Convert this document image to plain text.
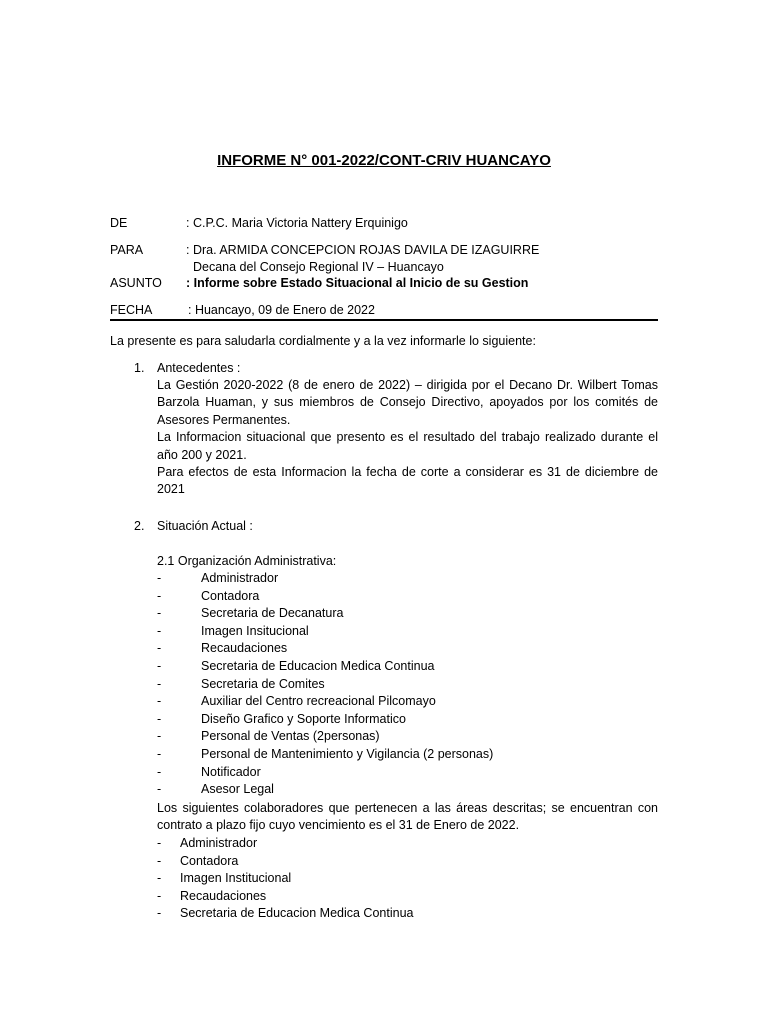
INFORME N° 001-2022/CONT-CRIV HUANCAYO
DE	: C.P.C. Maria Victoria Nattery Erquinigo
PARA	: Dra. ARMIDA CONCEPCION ROJAS DAVILA DE IZAGUIRRE
Decana del Consejo Regional IV – Huancayo
ASUNTO : Informe sobre Estado Situacional al Inicio de su Gestion
FECHA	: Huancayo, 09 de Enero de 2022
La presente es para saludarla cordialmente y a la vez informarle lo siguiente:
1. Antecedentes :

La Gestión 2020-2022 (8 de enero de 2022) – dirigida por el Decano Dr. Wilbert Tomas Barzola Huaman, y sus miembros de Consejo Directivo, apoyados por los comités de Asesores Permanentes.

La Informacion situacional que presento es el resultado del trabajo realizado durante el año 200 y 2021.

Para efectos de esta Informacion la fecha de corte a considerar es 31 de diciembre de 2021

2. Situación Actual :
2.1 Organización Administrativa:
-	Administrador
-	Contadora
-	Secretaria de Decanatura
-	Imagen Insitucional
-	Recaudaciones
-	Secretaria de Educacion Medica Continua
-	Secretaria de Comites
-	Auxiliar del Centro recreacional Pilcomayo
-	Diseño Grafico y Soporte Informatico
-	Personal de Ventas (2personas)
-	Personal de Mantenimiento y Vigilancia (2 personas)
-	Notificador
-	Asesor Legal

Los siguientes colaboradores que pertenecen a las áreas descritas; se encuentran con contrato a plazo fijo cuyo vencimiento es el 31 de Enero de 2022.

- Administrador
- Contadora
- Imagen Institucional
- Recaudaciones
- Secretaria de Educacion Medica Continua
